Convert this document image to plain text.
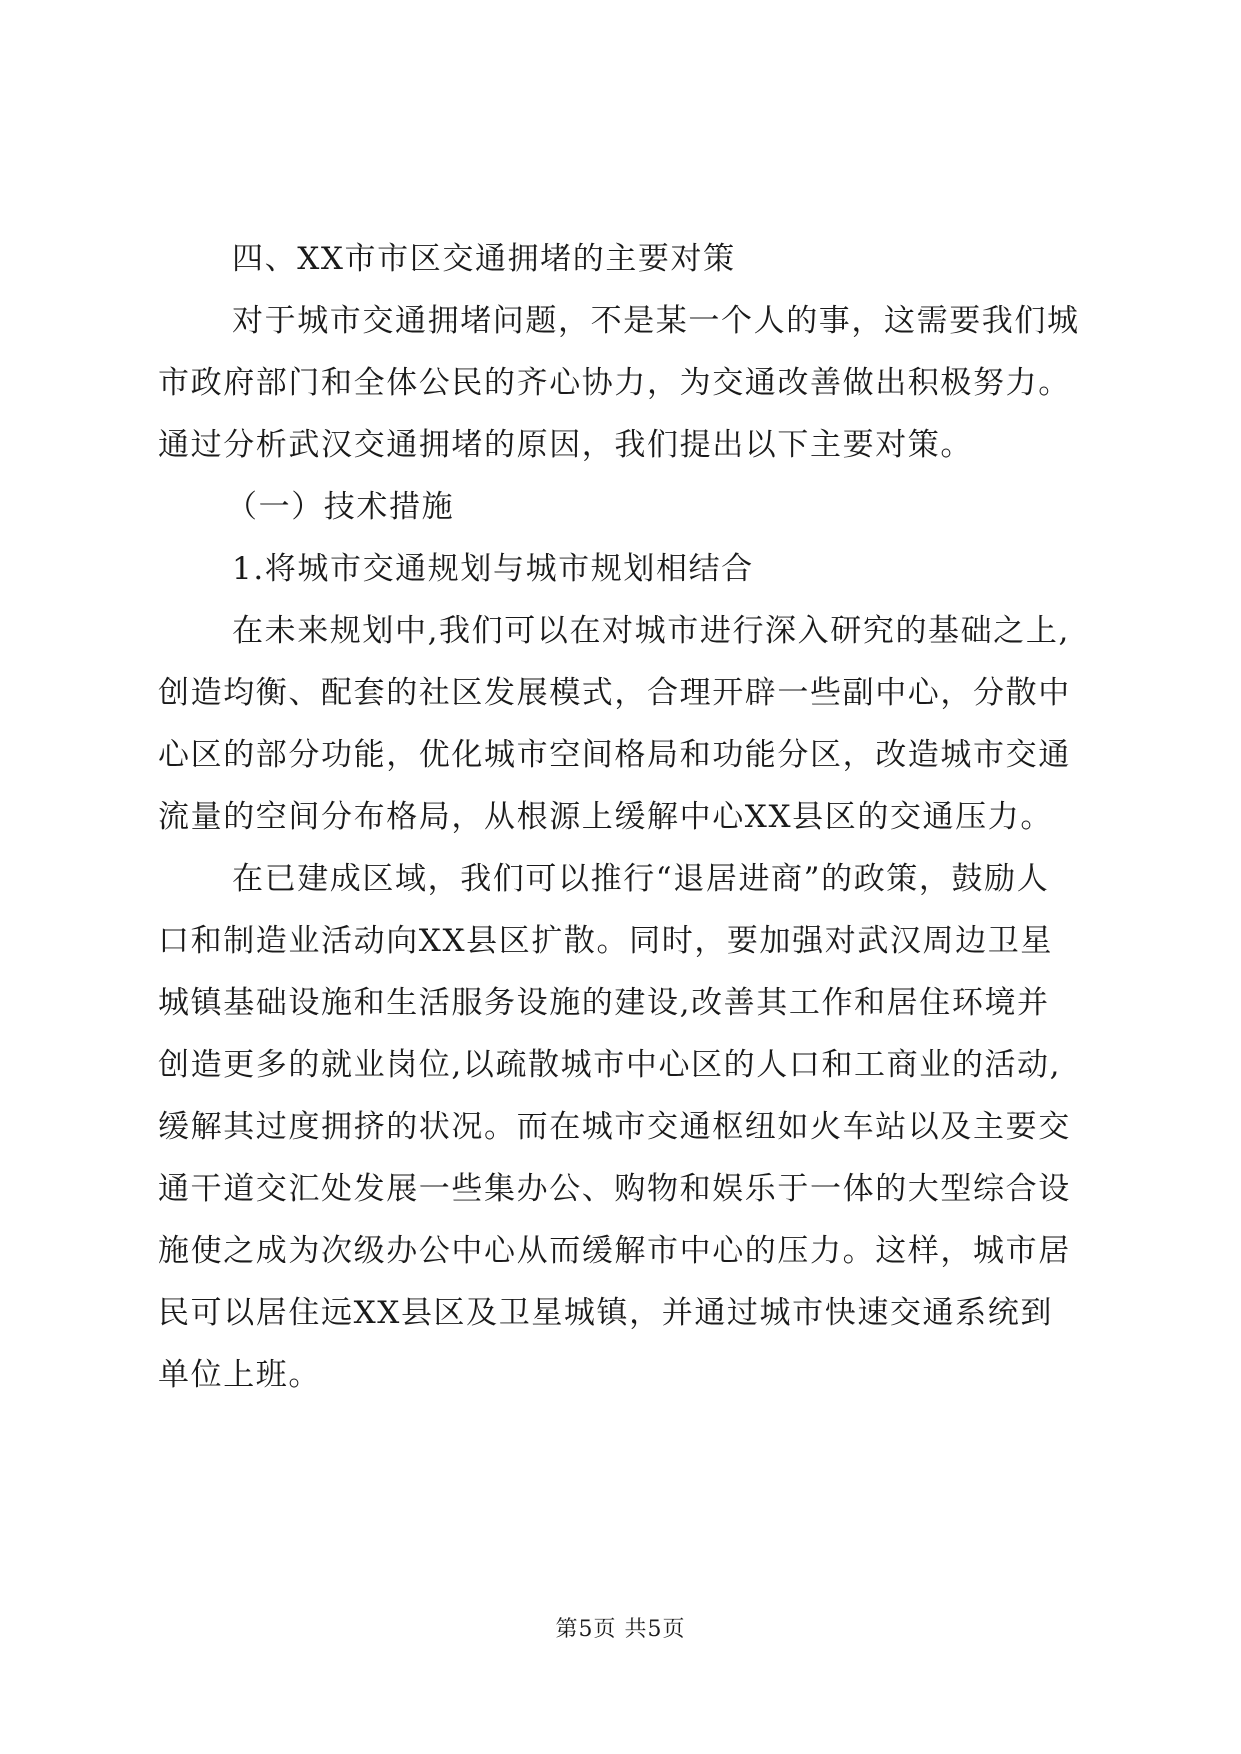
四、XX市市区交通拥堵的主要对策
对于城市交通拥堵问题，不是某一个人的事，这需要我们城
市政府部门和全体公民的齐心协力，为交通改善做出积极努力。
通过分析武汉交通拥堵的原因，我们提出以下主要对策。
（一）技术措施
1.将城市交通规划与城市规划相结合
在未来规划中,我们可以在对城市进行深入研究的基础之上,
创造均衡、配套的社区发展模式，合理开辟一些副中心，分散中
心区的部分功能，优化城市空间格局和功能分区，改造城市交通
流量的空间分布格局，从根源上缓解中心XX县区的交通压力。
在已建成区域，我们可以推行“退居进商”的政策，鼓励人
口和制造业活动向XX县区扩散。同时，要加强对武汉周边卫星
城镇基础设施和生活服务设施的建设,改善其工作和居住环境并
创造更多的就业岗位,以疏散城市中心区的人口和工商业的活动,
缓解其过度拥挤的状况。而在城市交通枢纽如火车站以及主要交
通干道交汇处发展一些集办公、购物和娱乐于一体的大型综合设
施使之成为次级办公中心从而缓解市中心的压力。这样，城市居
民可以居住远XX县区及卫星城镇，并通过城市快速交通系统到
单位上班。
第5页 共5页
